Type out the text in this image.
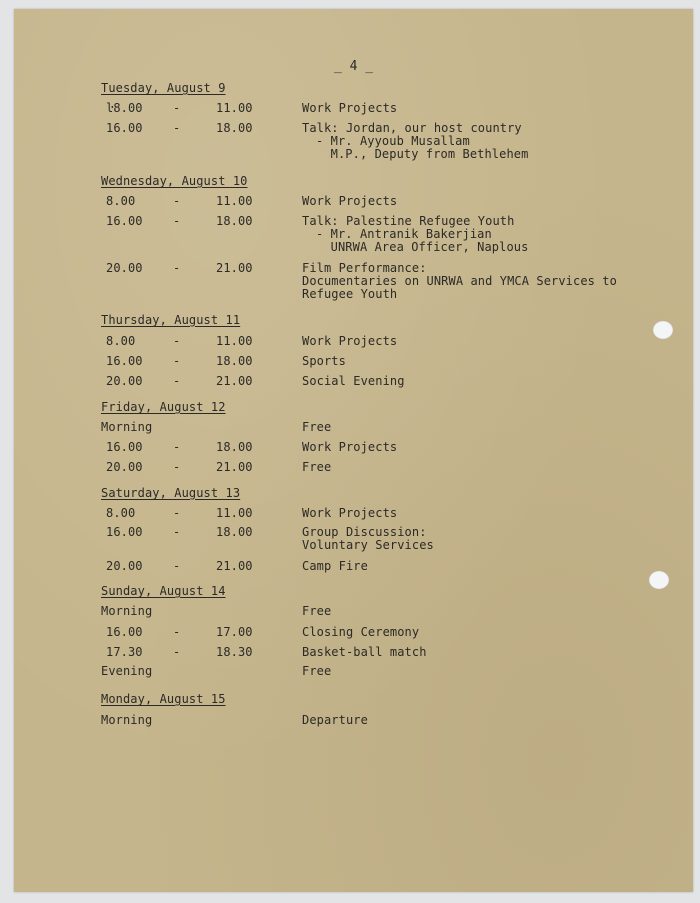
_ 4 _
Tuesday, August 9
ŀ8.00	-	11.00	Work Projects
16.00	-	18.00	Talk: Jordan, our host country
- Mr. Ayyoub Musallam
M.P., Deputy from Bethlehem
Wednesday, August 10
8.00	-	11.00	Work Projects
16.00	-	18.00	Talk: Palestine Refugee Youth
- Mr. Antranik Bakerjian
UNRWA Area Officer, Naplous
20.00	-	21.00	Film Performance:
Documentaries on UNRWA and YMCA Services to
Refugee Youth
Thursday, August 11
8.00	-	11.00	Work Projects
16.00	-	18.00	Sports
20.00	-	21.00	Social Evening
Friday, August 12
Morning	Free
16.00	-	18.00	Work Projects
20.00	-	21.00	Free
Saturday, August 13
8.00	-	11.00	Work Projects
16.00	-	18.00	Group Discussion:
Voluntary Services
20.00	-	21.00	Camp Fire
Sunday, August 14
Morning	Free
16.00	-	17.00	Closing Ceremony
17.30	-	18.30	Basket-ball match
Evening	Free
Monday, August 15
Morning	Departure
